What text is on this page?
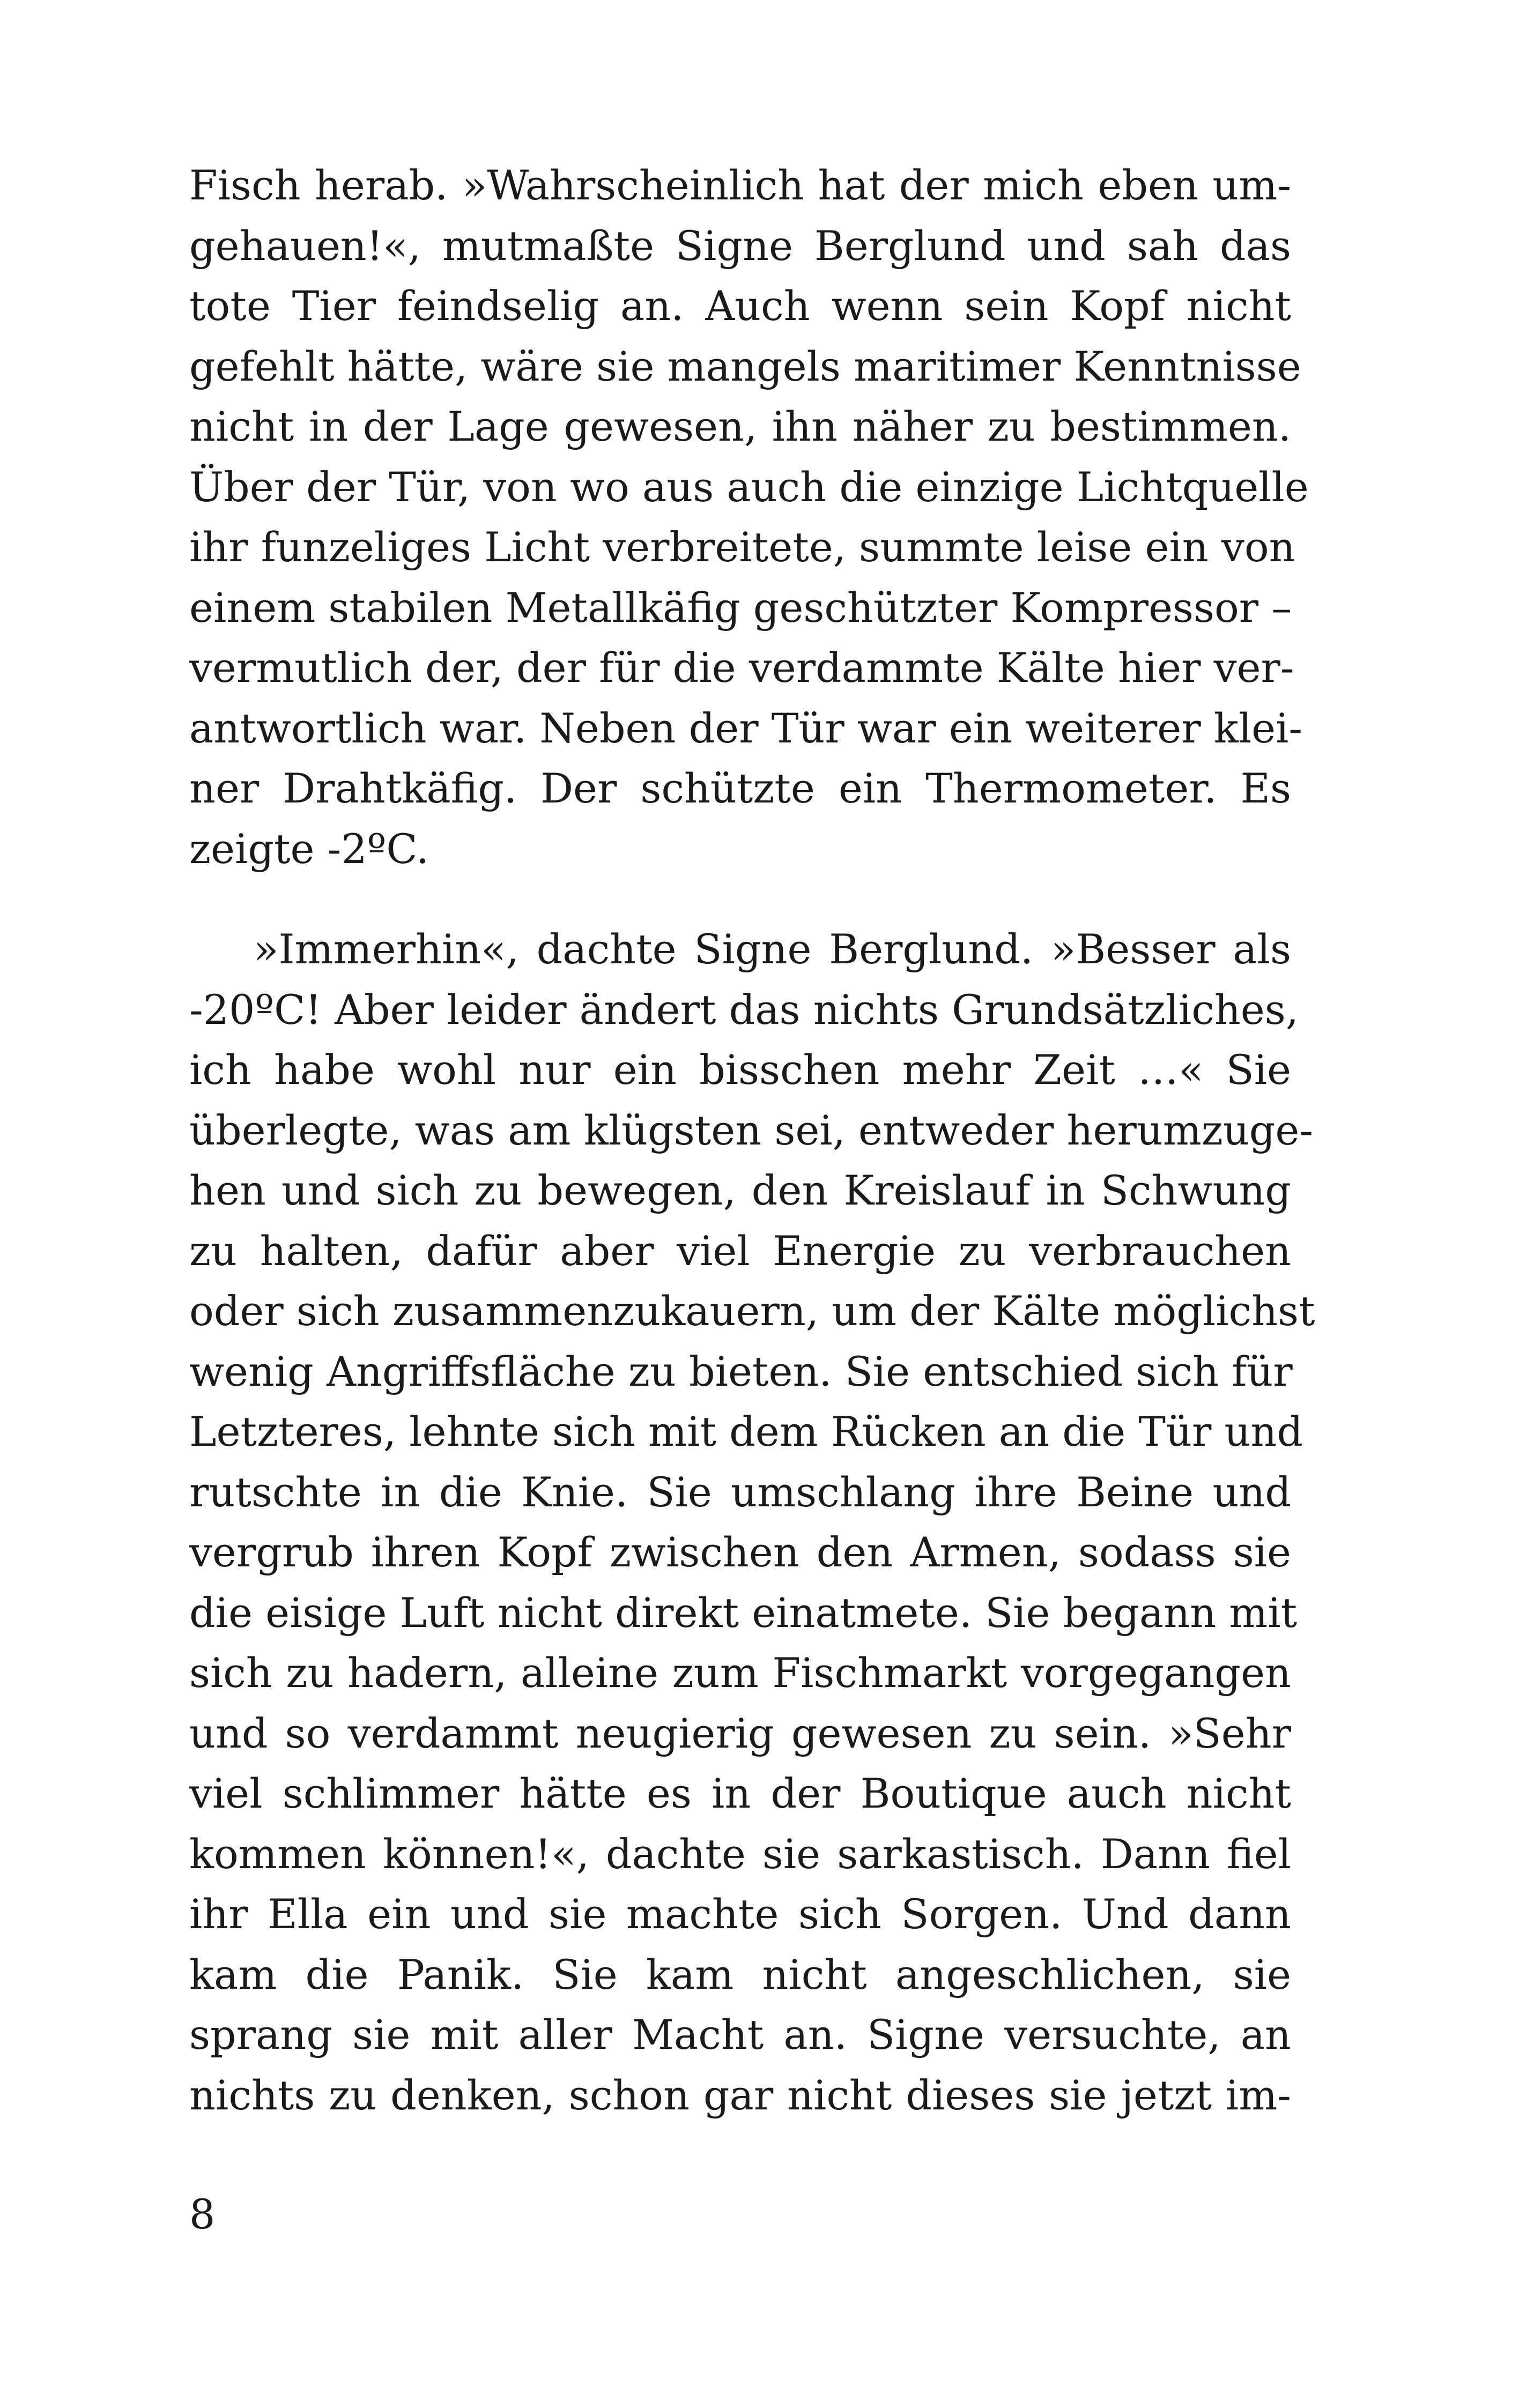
Fisch herab. »Wahrscheinlich hat der mich eben um-
gehauen!«, mutmaßte Signe Berglund und sah das
tote Tier feindselig an. Auch wenn sein Kopf nicht
gefehlt hätte, wäre sie mangels maritimer Kenntnisse
nicht in der Lage gewesen, ihn näher zu bestimmen.
Über der Tür, von wo aus auch die einzige Lichtquelle
ihr funzeliges Licht verbreitete, summte leise ein von
einem stabilen Metallkäfig geschützter Kompressor –
vermutlich der, der für die verdammte Kälte hier ver-
antwortlich war. Neben der Tür war ein weiterer klei-
ner Drahtkäfig. Der schützte ein Thermometer. Es
zeigte -2ºC.
»Immerhin«, dachte Signe Berglund. »Besser als
-20ºC! Aber leider ändert das nichts Grundsätzliches,
ich habe wohl nur ein bisschen mehr Zeit …« Sie
überlegte, was am klügsten sei, entweder herumzuge-
hen und sich zu bewegen, den Kreislauf in Schwung
zu halten, dafür aber viel Energie zu verbrauchen
oder sich zusammenzukauern, um der Kälte möglichst
wenig Angriffsfläche zu bieten. Sie entschied sich für
Letzteres, lehnte sich mit dem Rücken an die Tür und
rutschte in die Knie. Sie umschlang ihre Beine und
vergrub ihren Kopf zwischen den Armen, sodass sie
die eisige Luft nicht direkt einatmete. Sie begann mit
sich zu hadern, alleine zum Fischmarkt vorgegangen
und so verdammt neugierig gewesen zu sein. »Sehr
viel schlimmer hätte es in der Boutique auch nicht
kommen können!«, dachte sie sarkastisch. Dann fiel
ihr Ella ein und sie machte sich Sorgen. Und dann
kam die Panik. Sie kam nicht angeschlichen, sie
sprang sie mit aller Macht an. Signe versuchte, an
nichts zu denken, schon gar nicht dieses sie jetzt im-
8
